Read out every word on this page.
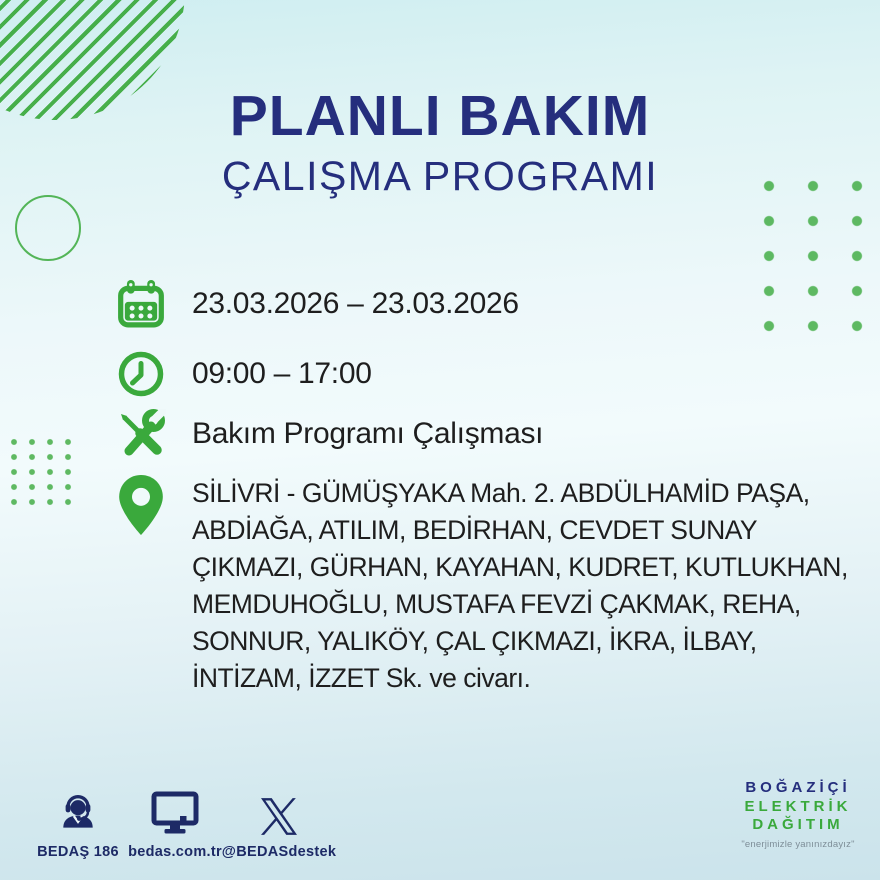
PLANLI BAKIM
ÇALIŞMA PROGRAMI
23.03.2026 – 23.03.2026
09:00 – 17:00
Bakım Programı Çalışması
SİLİVRİ - GÜMÜŞYAKA Mah. 2. ABDÜLHAMİD PAŞA, ABDİAĞA, ATILIM, BEDİRHAN, CEVDET SUNAY ÇIKMAZI, GÜRHAN, KAYAHAN, KUDRET, KUTLUKHAN, MEMDUHOĞLU, MUSTAFA FEVZİ ÇAKMAK, REHA, SONNUR, YALIKÖY, ÇAL ÇIKMAZI, İKRA, İLBAY, İNTİZAM, İZZET Sk. ve civarı.
BEDAŞ 186 bedas.com.tr @BEDASdestek
BOĞAZİÇİ
ELEKTRİK
DAĞITIM
"enerjimizle yanınızdayız"
